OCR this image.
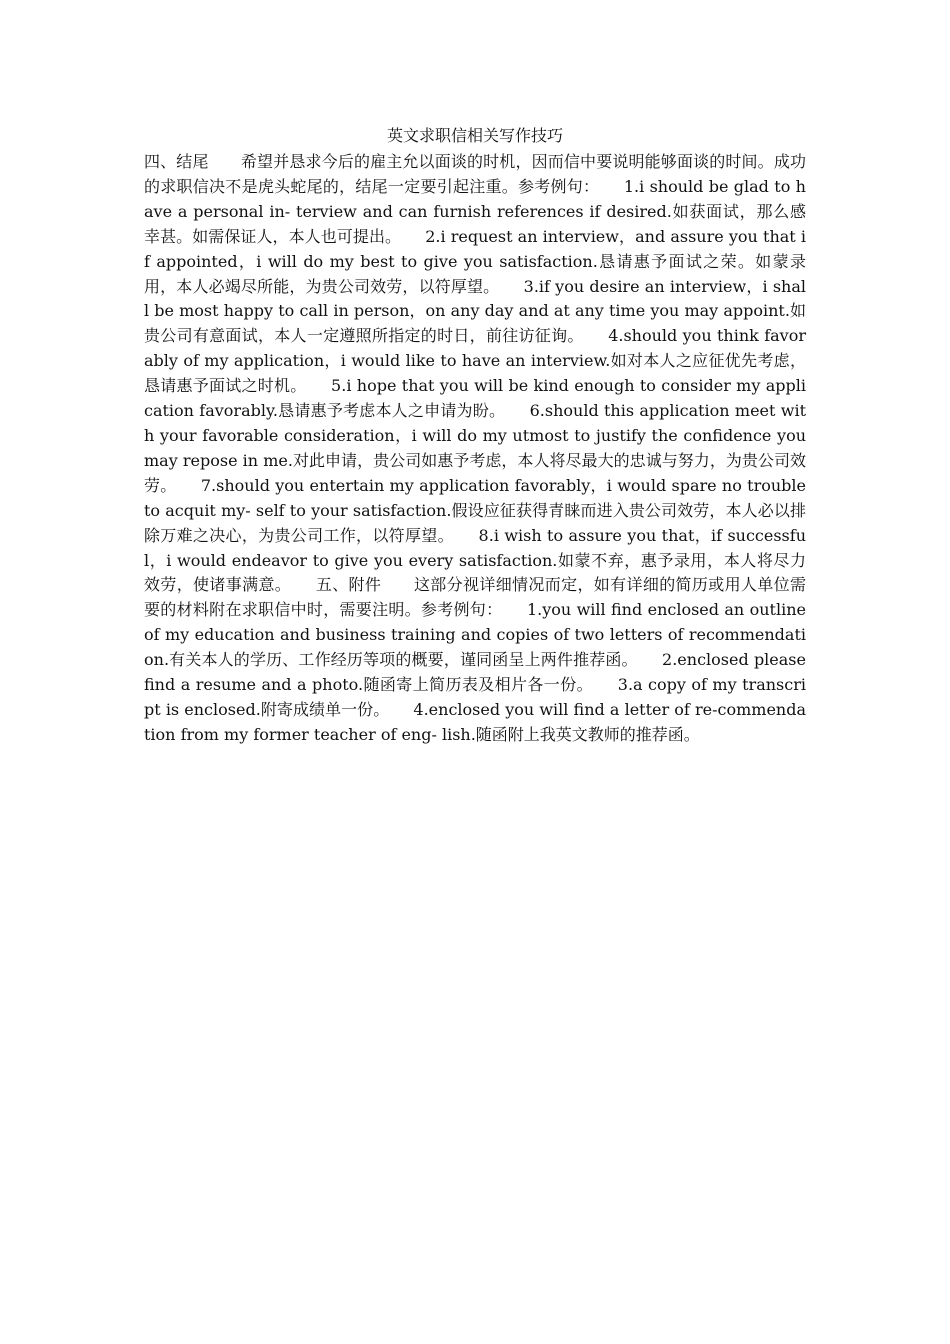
英文求职信相关写作技巧

四、结尾　　希望并恳求今后的雇主允以面谈的时机，因而信中要说明能够面谈的时间。成功的求职信决不是虎头蛇尾的，结尾一定要引起注重。参考例句：　　1.i should be glad to have a personal in- terview and can furnish references if desired.如获面试，那么感幸甚。如需保证人，本人也可提出。　　2.i request an interview，and assure you that if appointed，i will do my best to give you satisfaction.恳请惠予面试之荣。如蒙录用，本人必竭尽所能，为贵公司效劳，以符厚望。　　3.if you desire an interview，i shall be most happy to call in person，on any day and at any time you may appoint.如贵公司有意面试，本人一定遵照所指定的时日，前往访征询。　　4.should you think favorably of my application，i would like to have an interview.如对本人之应征优先考虑，恳请惠予面试之时机。　　5.i hope that you will be kind enough to consider my application favorably.恳请惠予考虑本人之申请为盼。　　6.should this application meet with your favorable consideration，i will do my utmost to justify the confidence you may repose in me.对此申请，贵公司如惠予考虑，本人将尽最大的忠诚与努力，为贵公司效劳。　　7.should you entertain my application favorably，i would spare no trouble to acquit my- self to your satisfaction.假设应征获得青睐而进入贵公司效劳，本人必以排除万难之决心，为贵公司工作，以符厚望。　　8.i wish to assure you that，if successful，i would endeavor to give you every satisfaction.如蒙不弃，惠予录用，本人将尽力效劳，使诸事满意。　　五、附件　　这部分视详细情况而定，如有详细的简历或用人单位需要的材料附在求职信中时，需要注明。参考例句：　　1.you will find enclosed an outline of my education and business training and copies of two letters of recommendation.有关本人的学历、工作经历等项的概要，谨同函呈上两件推荐函。　　2.enclosed please find a resume and a photo.随函寄上简历表及相片各一份。　　3.a copy of my transcript is enclosed.附寄成绩单一份。　　4.enclosed you will find a letter of re-commendation from my former teacher of eng- lish.随函附上我英文教师的推荐函。
